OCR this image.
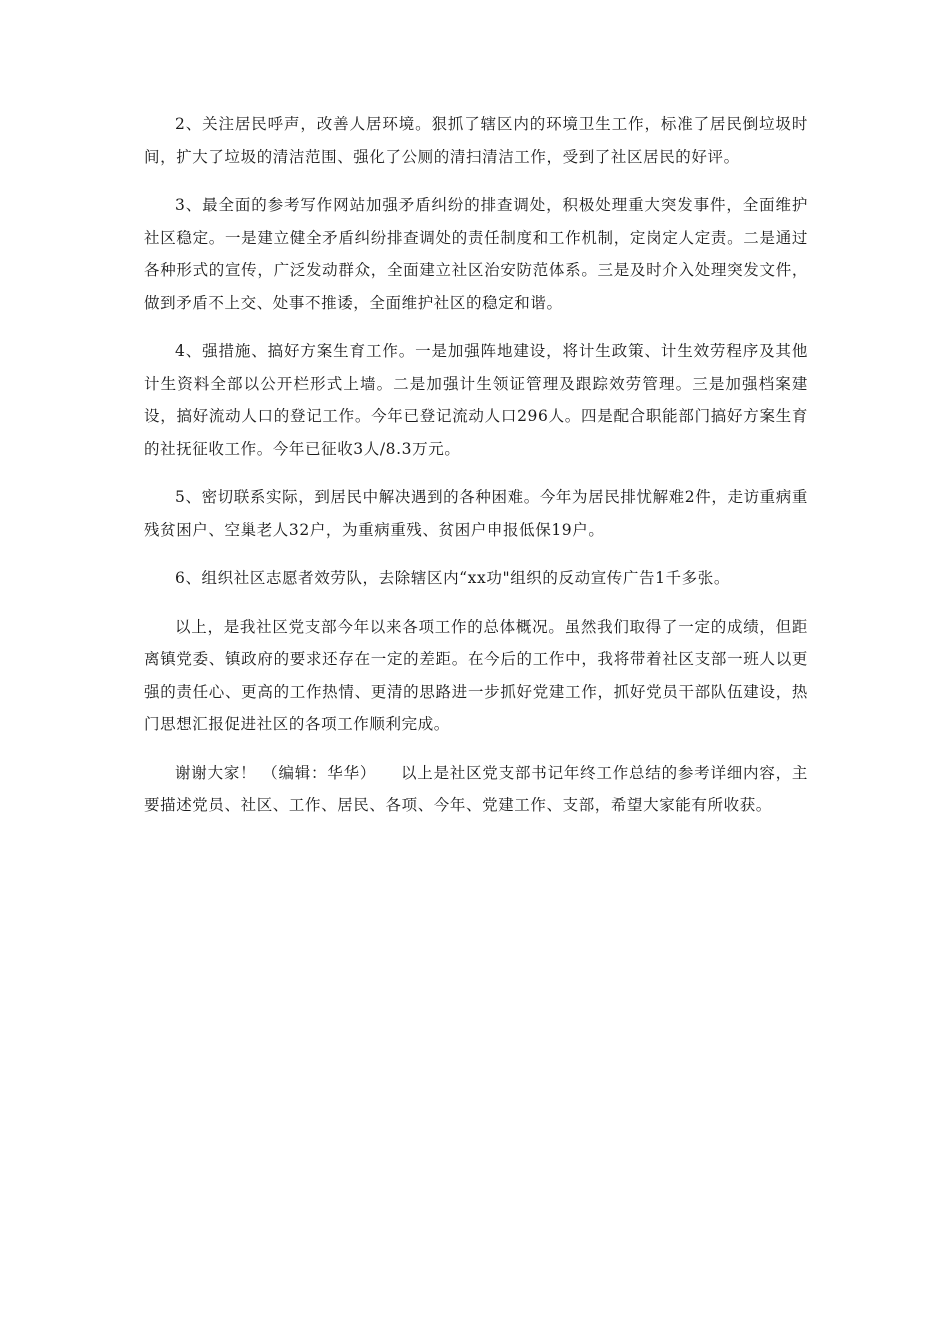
2、关注居民呼声，改善人居环境。狠抓了辖区内的环境卫生工作，标准了居民倒垃圾时间，扩大了垃圾的清洁范围、强化了公厕的清扫清洁工作，受到了社区居民的好评。

3、最全面的参考写作网站加强矛盾纠纷的排查调处，积极处理重大突发事件，全面维护社区稳定。一是建立健全矛盾纠纷排查调处的责任制度和工作机制，定岗定人定责。二是通过各种形式的宣传，广泛发动群众，全面建立社区治安防范体系。三是及时介入处理突发文件，做到矛盾不上交、处事不推诿，全面维护社区的稳定和谐。

4、强措施、搞好方案生育工作。一是加强阵地建设，将计生政策、计生效劳程序及其他计生资料全部以公开栏形式上墙。二是加强计生领证管理及跟踪效劳管理。三是加强档案建设，搞好流动人口的登记工作。今年已登记流动人口296人。四是配合职能部门搞好方案生育的社抚征收工作。今年已征收3人/8.3万元。

5、密切联系实际，到居民中解决遇到的各种困难。今年为居民排忧解难2件，走访重病重残贫困户、空巢老人32户，为重病重残、贫困户申报低保19户。

6、组织社区志愿者效劳队，去除辖区内“xx功"组织的反动宣传广告1千多张。

以上，是我社区党支部今年以来各项工作的总体概况。虽然我们取得了一定的成绩，但距离镇党委、镇政府的要求还存在一定的差距。在今后的工作中，我将带着社区支部一班人以更强的责任心、更高的工作热情、更清的思路进一步抓好党建工作，抓好党员干部队伍建设，热门思想汇报促进社区的各项工作顺利完成。

谢谢大家！ （编辑：华华）　　以上是社区党支部书记年终工作总结的参考详细内容，主要描述党员、社区、工作、居民、各项、今年、党建工作、支部，希望大家能有所收获。
